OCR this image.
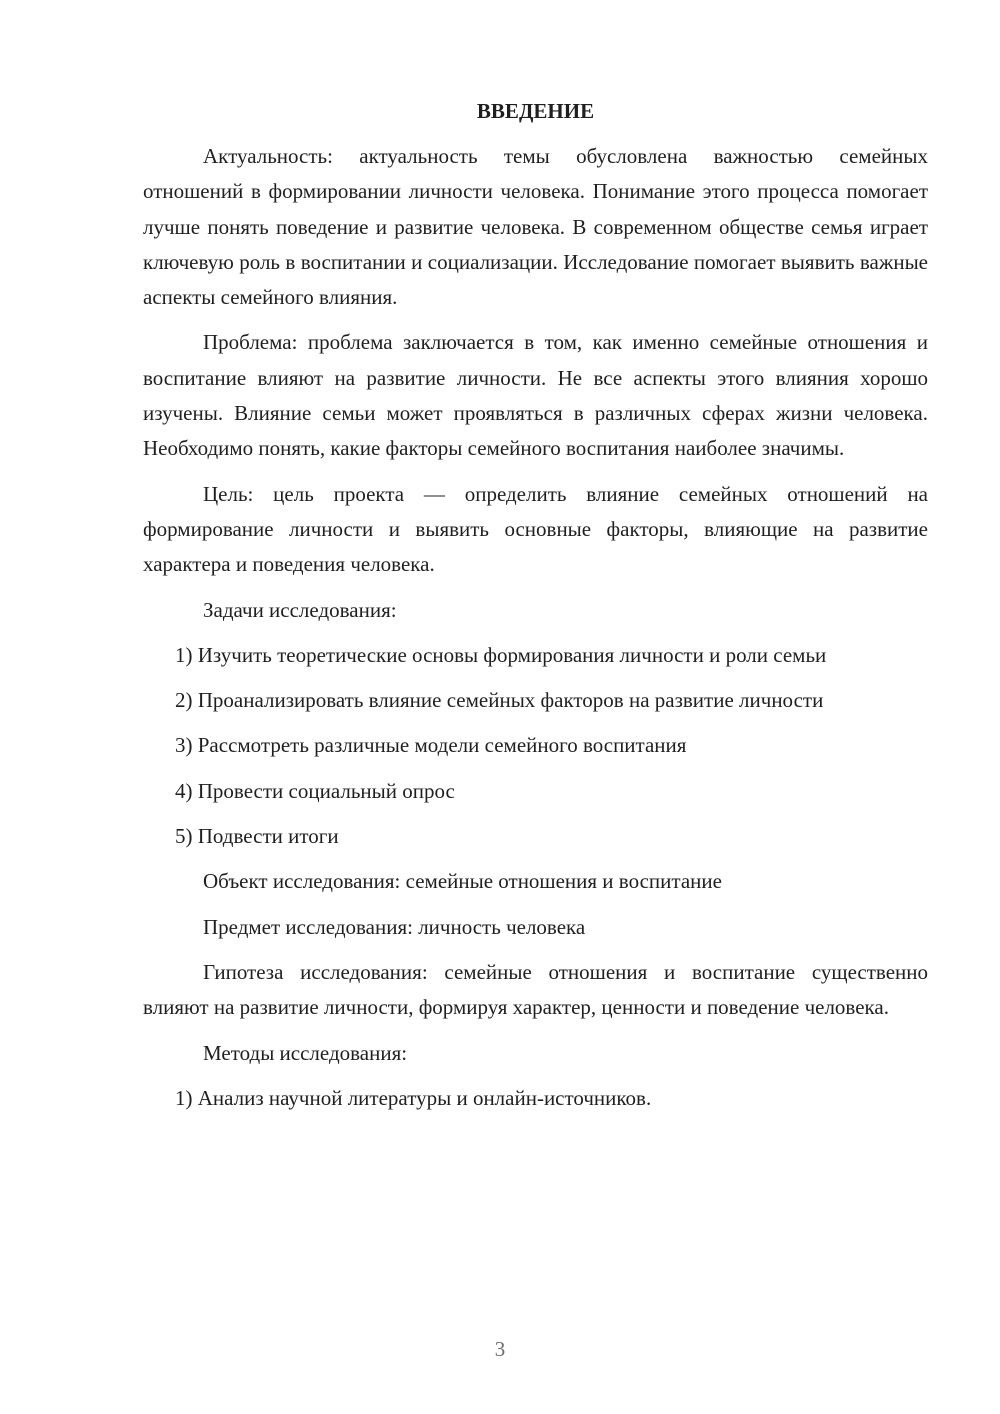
ВВЕДЕНИЕ

Актуальность: актуальность темы обусловлена важностью семейных отношений в формировании личности человека. Понимание этого процесса помогает лучше понять поведение и развитие человека. В современном обществе семья играет ключевую роль в воспитании и социализации. Исследование помогает выявить важные аспекты семейного влияния.

Проблема: проблема заключается в том, как именно семейные отношения и воспитание влияют на развитие личности. Не все аспекты этого влияния хорошо изучены. Влияние семьи может проявляться в различных сферах жизни человека. Необходимо понять, какие факторы семейного воспитания наиболее значимы.

Цель: цель проекта — определить влияние семейных отношений на формирование личности и выявить основные факторы, влияющие на развитие характера и поведения человека.

Задачи исследования:

1) Изучить теоретические основы формирования личности и роли семьи

2) Проанализировать влияние семейных факторов на развитие личности

3) Рассмотреть различные модели семейного воспитания

4) Провести социальный опрос

5) Подвести итоги

Объект исследования: семейные отношения и воспитание

Предмет исследования: личность человека

Гипотеза исследования: семейные отношения и воспитание существенно влияют на развитие личности, формируя характер, ценности и поведение человека.

Методы исследования:

1) Анализ научной литературы и онлайн-источников.

3
